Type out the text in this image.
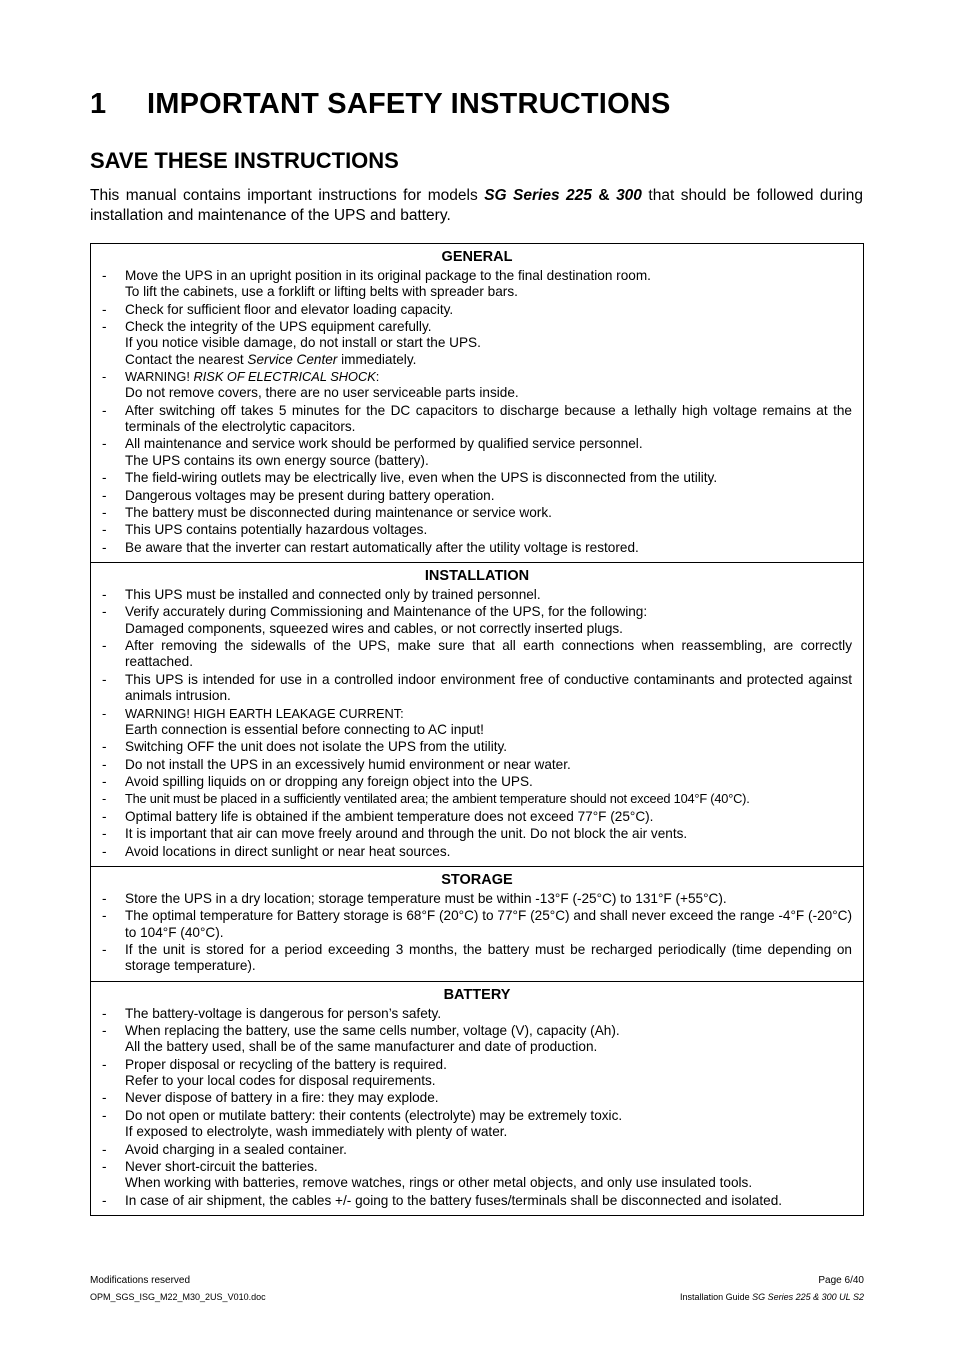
1 IMPORTANT SAFETY INSTRUCTIONS
SAVE THESE INSTRUCTIONS

This manual contains important instructions for models SG Series 225 & 300 that should be followed during installation and maintenance of the UPS and battery.

GENERAL
- Move the UPS in an upright position in its original package to the final destination room.
To lift the cabinets, use a forklift or lifting belts with spreader bars.
- Check for sufficient floor and elevator loading capacity.
- Check the integrity of the UPS equipment carefully.
If you notice visible damage, do not install or start the UPS.
Contact the nearest Service Center immediately.
- WARNING! RISK OF ELECTRICAL SHOCK:
Do not remove covers, there are no user serviceable parts inside.
- After switching off takes 5 minutes for the DC capacitors to discharge because a lethally high voltage remains at the terminals of the electrolytic capacitors.
- All maintenance and service work should be performed by qualified service personnel.
The UPS contains its own energy source (battery).
- The field-wiring outlets may be electrically live, even when the UPS is disconnected from the utility.
- Dangerous voltages may be present during battery operation.
- The battery must be disconnected during maintenance or service work.
- This UPS contains potentially hazardous voltages.
- Be aware that the inverter can restart automatically after the utility voltage is restored.

INSTALLATION
- This UPS must be installed and connected only by trained personnel.
- Verify accurately during Commissioning and Maintenance of the UPS, for the following:
Damaged components, squeezed wires and cables, or not correctly inserted plugs.
- After removing the sidewalls of the UPS, make sure that all earth connections when reassembling, are correctly reattached.
- This UPS is intended for use in a controlled indoor environment free of conductive contaminants and protected against animals intrusion.
- WARNING! HIGH EARTH LEAKAGE CURRENT:
Earth connection is essential before connecting to AC input!
- Switching OFF the unit does not isolate the UPS from the utility.
- Do not install the UPS in an excessively humid environment or near water.
- Avoid spilling liquids on or dropping any foreign object into the UPS.
- The unit must be placed in a sufficiently ventilated area; the ambient temperature should not exceed 104°F (40°C).
- Optimal battery life is obtained if the ambient temperature does not exceed 77°F (25°C).
- It is important that air can move freely around and through the unit. Do not block the air vents.
- Avoid locations in direct sunlight or near heat sources.

STORAGE
- Store the UPS in a dry location; storage temperature must be within -13°F (-25°C) to 131°F (+55°C).
- The optimal temperature for Battery storage is 68°F (20°C) to 77°F (25°C) and shall never exceed the range -4°F (-20°C) to 104°F (40°C).
- If the unit is stored for a period exceeding 3 months, the battery must be recharged periodically (time depending on storage temperature).

BATTERY
- The battery-voltage is dangerous for person’s safety.
- When replacing the battery, use the same cells number, voltage (V), capacity (Ah).
All the battery used, shall be of the same manufacturer and date of production.
- Proper disposal or recycling of the battery is required.
Refer to your local codes for disposal requirements.
- Never dispose of battery in a fire: they may explode.
- Do not open or mutilate battery: their contents (electrolyte) may be extremely toxic.
If exposed to electrolyte, wash immediately with plenty of water.
- Avoid charging in a sealed container.
- Never short-circuit the batteries.
When working with batteries, remove watches, rings or other metal objects, and only use insulated tools.
- In case of air shipment, the cables +/- going to the battery fuses/terminals shall be disconnected and isolated.
Modifications reserved	Page 6/40
OPM_SGS_ISG_M22_M30_2US_V010.doc	Installation Guide SG Series 225 & 300 UL S2
